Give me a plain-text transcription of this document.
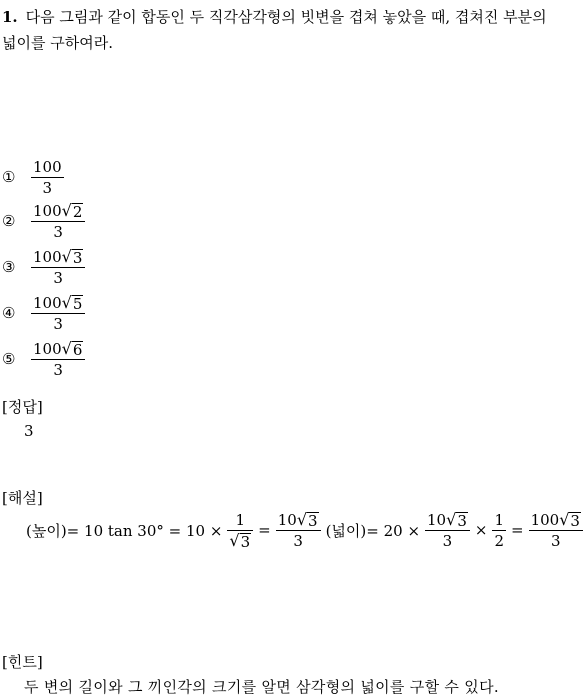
1. 다음 그림과 같이 합동인 두 직각삼각형의 빗변을 겹쳐 놓았을 때, 겹쳐진 부분의 넓이를 구하여라.
①	$\frac{100}{3}$
②	$\frac{100 √ 2}{3}$
③	$\frac{100 √ 3}{3}$
④	$\frac{100 √ 5}{3}$
⑤	$\frac{100 √ 6}{3}$
[정답]
3
[해설]
(높이)= 10 $\tan 30^\circ = 10 \times \frac{1}{√ 3} = \frac{10 √ 3}{3}$ (넓이)= $20 \times \frac{10 √ 3}{3} \times \frac{1}{2} = \frac{100 √ 3}{3}$
[힌트]
두 변의 길이와 그 끼인각의 크기를 알면 삼각형의 넓이를 구할 수 있다.
